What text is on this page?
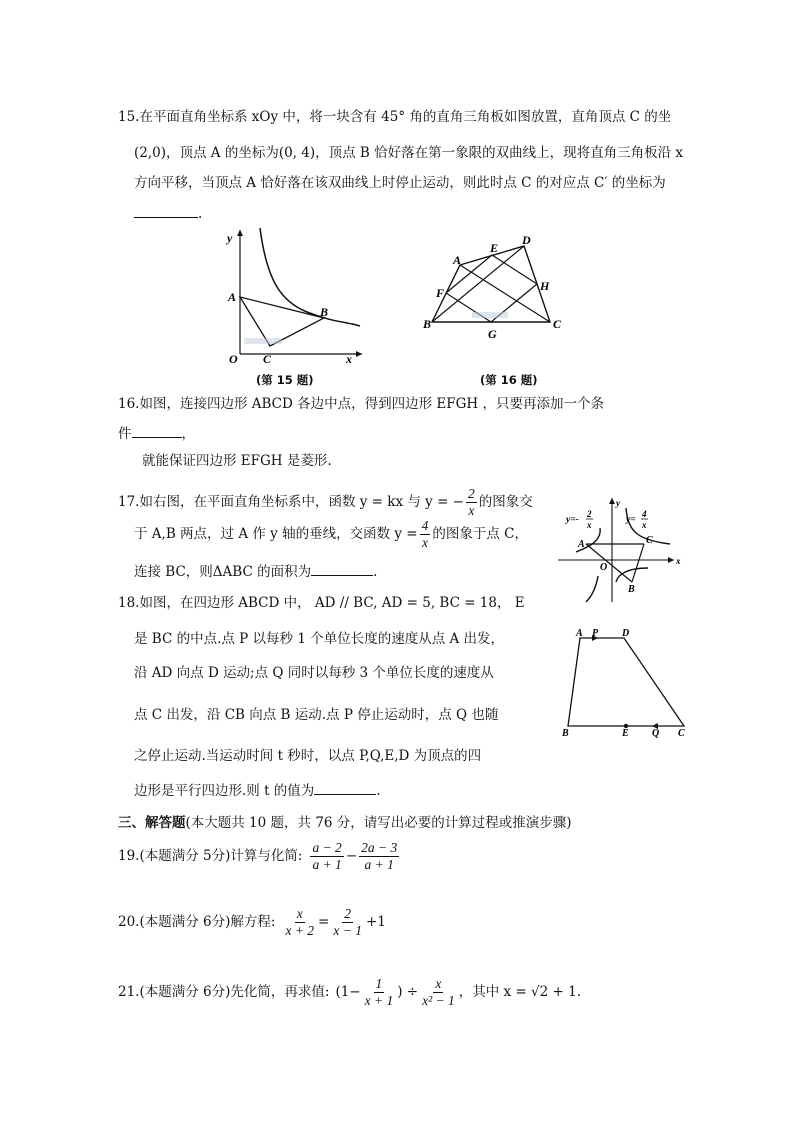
15.在平面直角坐标系 xOy 中，将一块含有 45° 角的直角三角板如图放置，直角顶点 C 的坐
(2,0)，顶点 A 的坐标为(0, 4)，顶点 B 恰好落在第一象限的双曲线上，现将直角三角板沿 x
方向平移，当顶点 A 恰好落在该双曲线上时停止运动，则此时点 C 的对应点 C′ 的坐标为
.
y
x
A
B
C
O
(第 15 题)
A
D
E
F	H
B	C
G
(第 16 题)
16.如图，连接四边形 ABCD 各边中点，得到四边形 EFGH ，只要再添加一个条
件	，
就能保证四边形 EFGH 是菱形.
17.如右图，在平面直角坐标系中，函数 y = kx 与 y = − $\frac{2}{x}$ 的图象交
于 A,B 两点，过 A 作 y 轴的垂线，交函数 $y = \frac{4}{x}$ 的图象于点 C，
连接 BC，则ΔABC 的面积为	.
y=-
2
x	y=
4
x
y
x
A	C
O
B
18.如图，在四边形 ABCD 中， AD // BC, AD = 5, BC = 18， E
是 BC 的中点.点 P 以每秒 1 个单位长度的速度从点 A 出发，
沿 AD 向点 D 运动;点 Q 同时以每秒 3 个单位长度的速度从
点 C 出发，沿 CB 向点 B 运动.点 P 停止运动时，点 Q 也随
之停止运动.当运动时间 t 秒时，以点 P,Q,E,D 为顶点的四
边形是平行四边形.则 t 的值为	.
A P D
B	E Q C
三、解答题(本大题共 10 题，共 76 分，请写出必要的计算过程或推演步骤)
19.(本题满分 5分)计算与化简: $\frac{a - 2}{a + 1} - \frac{2a - 3}{a + 1}$
20.(本题满分 6分)解方程: $\frac{x}{x + 2} = \frac{2}{x - 1} +1$
21.(本题满分 6分)先化简，再求值: ($1- \frac{1}{x + 1}$ ) ÷ $\frac{x}{\text{x² − 1}}$ ，其中 x = √2 + 1.
